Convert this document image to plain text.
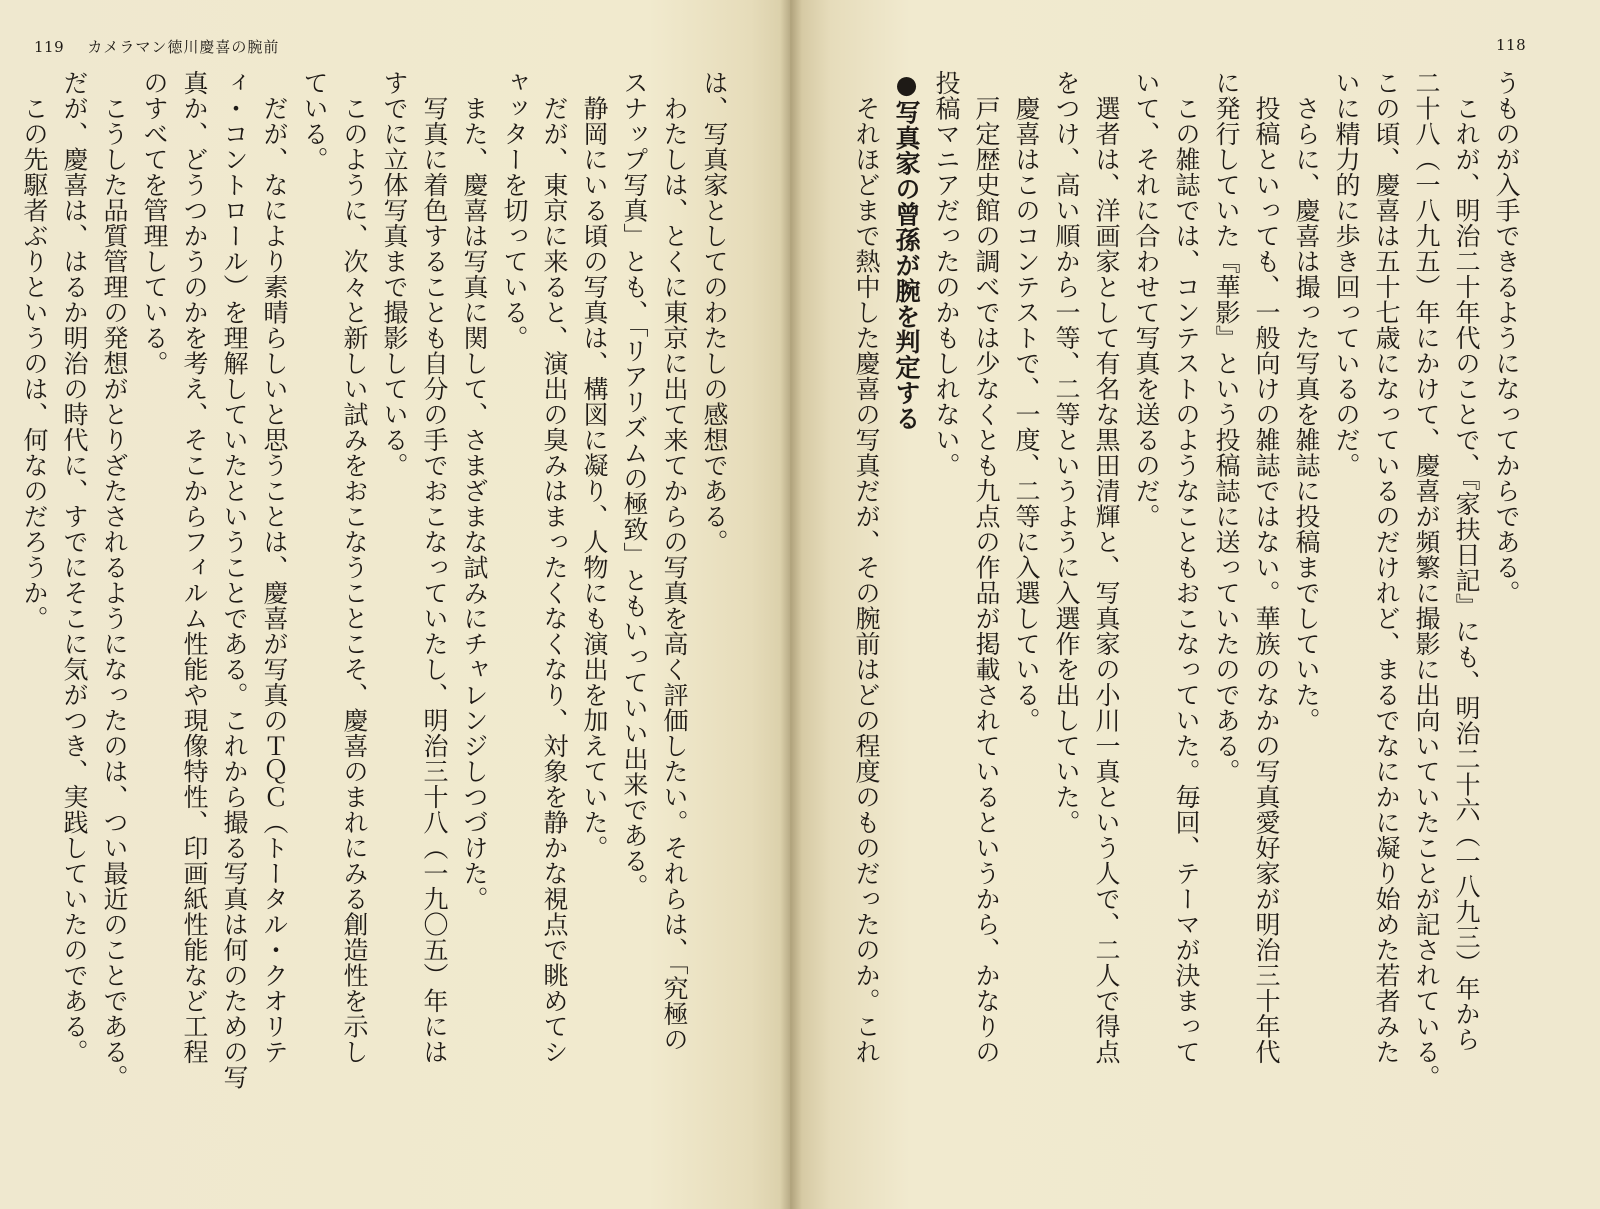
119 カメラマン徳川慶喜の腕前
は、写真家としてのわたしの感想である。
　わたしは、とくに東京に出て来てからの写真を高く評価したい。それらは、「究極の
スナップ写真」とも、「リアリズムの極致」ともいっていい出来である。
　静岡にいる頃の写真は、構図に凝り、人物にも演出を加えていた。
　だが、東京に来ると、演出の臭みはまったくなくなり、対象を静かな視点で眺めてシ
ャッターを切っている。
　また、慶喜は写真に関して、さまざまな試みにチャレンジしつづけた。
　写真に着色することも自分の手でおこなっていたし、明治三十八（一九〇五）年には
すでに立体写真まで撮影している。
　このように、次々と新しい試みをおこなうことこそ、慶喜のまれにみる創造性を示し
ている。
　だが、なにより素晴らしいと思うことは、慶喜が写真のＴＱＣ（トータル・クオリテ
ィ・コントロール）を理解していたということである。これから撮る写真は何のための写
真か、どうつかうのかを考え、そこからフィルム性能や現像特性、印画紙性能など工程
のすべてを管理している。
　こうした品質管理の発想がとりざたされるようになったのは、つい最近のことである。
だが、慶喜は、はるか明治の時代に、すでにそこに気がつき、実践していたのである。
　この先駆者ぶりというのは、何なのだろうか。
118
うものが入手できるようになってからである。
　これが、明治二十年代のことで、『家扶日記』にも、明治二十六（一八九三）年から
二十八（一八九五）年にかけて、慶喜が頻繁に撮影に出向いていたことが記されている。
この頃、慶喜は五十七歳になっているのだけれど、まるでなにかに凝り始めた若者みた
いに精力的に歩き回っているのだ。
　さらに、慶喜は撮った写真を雑誌に投稿までしていた。
　投稿といっても、一般向けの雑誌ではない。華族のなかの写真愛好家が明治三十年代
に発行していた『華影』という投稿誌に送っていたのである。
　この雑誌では、コンテストのようなこともおこなっていた。毎回、テーマが決まって
いて、それに合わせて写真を送るのだ。
　選者は、洋画家として有名な黒田清輝と、写真家の小川一真という人で、二人で得点
をつけ、高い順から一等、二等というように入選作を出していた。
　慶喜はこのコンテストで、一度、二等に入選している。
　戸定歴史館の調べでは少なくとも九点の作品が掲載されているというから、かなりの
投稿マニアだったのかもしれない。
●写真家の曾孫が腕を判定する
　それほどまで熱中した慶喜の写真だが、その腕前はどの程度のものだったのか。これ
